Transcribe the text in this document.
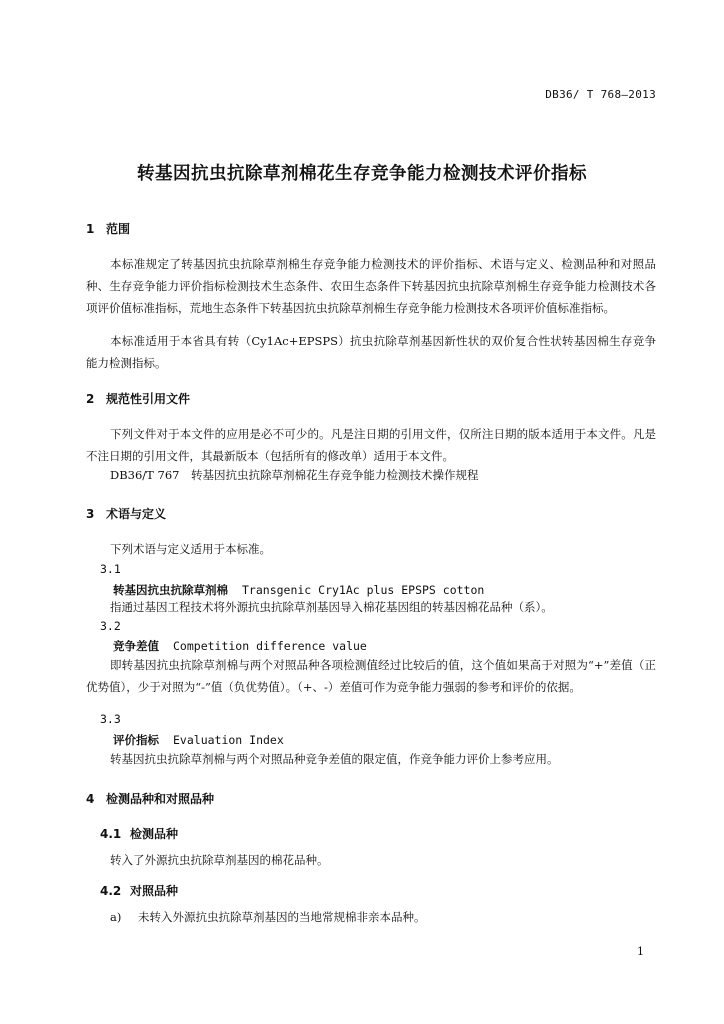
DB36/ T 768—2013
转基因抗虫抗除草剂棉花生存竞争能力检测技术评价指标
1 范围
本标准规定了转基因抗虫抗除草剂棉生存竞争能力检测技术的评价指标、术语与定义、检测品种和对照品种、生存竞争能力评价指标检测技术生态条件、农田生态条件下转基因抗虫抗除草剂棉生存竞争能力检测技术各项评价值标准指标，荒地生态条件下转基因抗虫抗除草剂棉生存竞争能力检测技术各项评价值标准指标。
本标准适用于本省具有转（Cy1Ac+EPSPS）抗虫抗除草剂基因新性状的双价复合性状转基因棉生存竞争能力检测指标。
2 规范性引用文件
下列文件对于本文件的应用是必不可少的。凡是注日期的引用文件，仅所注日期的版本适用于本文件。凡是不注日期的引用文件，其最新版本（包括所有的修改单）适用于本文件。
DB36/T 767　转基因抗虫抗除草剂棉花生存竞争能力检测技术操作规程
3 术语与定义
下列术语与定义适用于本标准。
3.1
转基因抗虫抗除草剂棉 Transgenic Cry1Ac plus EPSPS cotton
指通过基因工程技术将外源抗虫抗除草剂基因导入棉花基因组的转基因棉花品种（系）。
3.2
竞争差值 Competition difference value
即转基因抗虫抗除草剂棉与两个对照品种各项检测值经过比较后的值，这个值如果高于对照为“+”差值（正优势值），少于对照为“-”值（负优势值）。（+、-）差值可作为竞争能力强弱的参考和评价的依据。
3.3
评价指标 Evaluation Index
转基因抗虫抗除草剂棉与两个对照品种竞争差值的限定值，作竞争能力评价上参考应用。
4 检测品种和对照品种
4.1 检测品种
转入了外源抗虫抗除草剂基因的棉花品种。
4.2 对照品种
a) 未转入外源抗虫抗除草剂基因的当地常规棉非亲本品种。
1
